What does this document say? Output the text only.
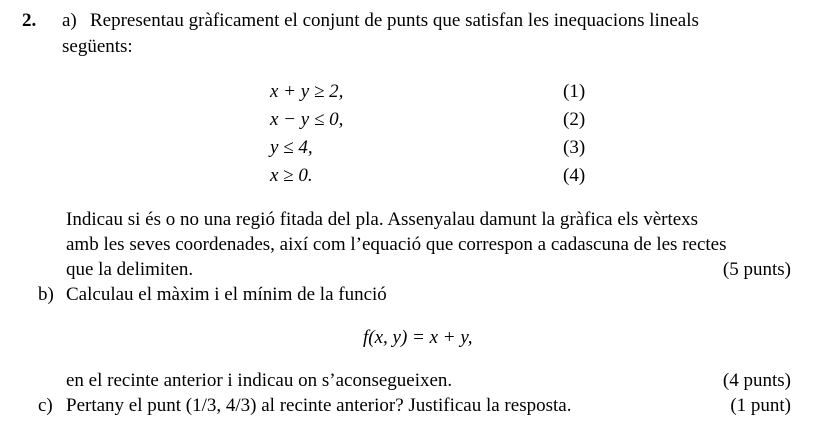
2. a) Representau gràficament el conjunt de punts que satisfan les inequacions lineals
següents:
x + y ≥ 2,	(1)
x − y ≤ 0,	(2)
y ≤ 4,	(3)
x ≥ 0.	(4)
Indicau si és o no una regió fitada del pla. Assenyalau damunt la gràfica els vèrtexs
amb les seves coordenades, així com l’equació que correspon a cadascuna de les rectes
que la delimiten.	(5 punts)
b) Calculau el màxim i el mínim de la funció
f(x, y) = x + y,
en el recinte anterior i indicau on s’aconsegueixen.	(4 punts)
c) Pertany el punt (1/3, 4/3) al recinte anterior? Justificau la resposta.	(1 punt)
